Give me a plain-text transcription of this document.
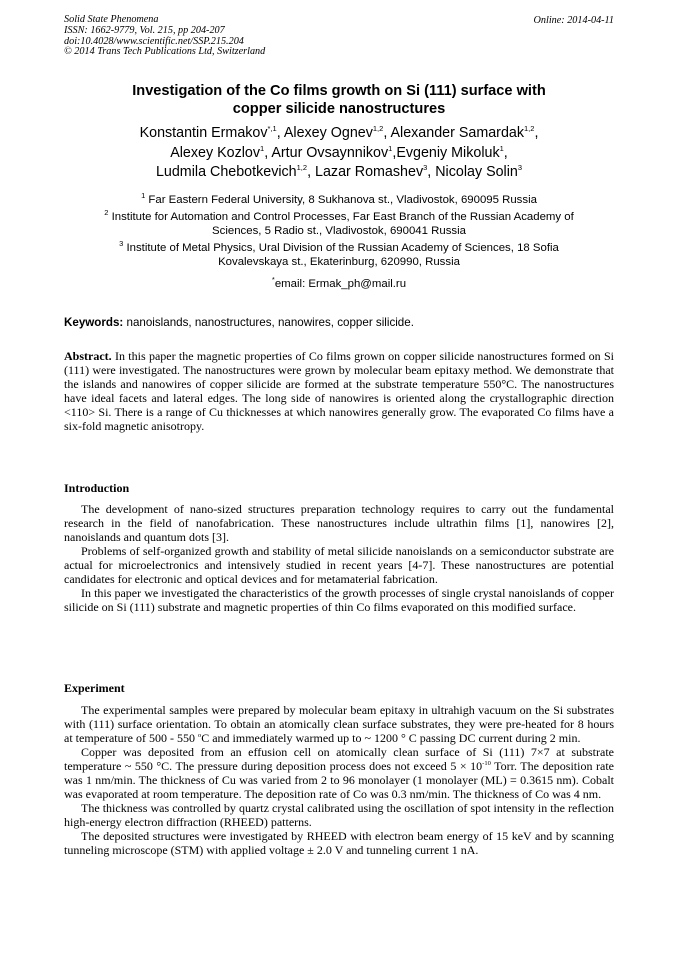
Solid State Phenomena
ISSN: 1662-9779, Vol. 215, pp 204-207
doi:10.4028/www.scientific.net/SSP.215.204
© 2014 Trans Tech Publications Ltd, Switzerland
Online: 2014-04-11
Investigation of the Co films growth on Si (111) surface with
copper silicide nanostructures
Konstantin Ermakov$^{*,1}$, Alexey Ognev$^{1,2}$, Alexander Samardak$^{1,2}$,
Alexey Kozlov$^1$, Artur Ovsaynnikov$^1$,Evgeniy Mikoluk$^1$,
Ludmila Chebotkevich$^{1,2}$, Lazar Romashev$^3$, Nicolay Solin$^3$

$^1$ Far Eastern Federal University, 8 Sukhanova st., Vladivostok, 690095 Russia

$^2$ Institute for Automation and Control Processes, Far East Branch of the Russian Academy of
Sciences, 5 Radio st., Vladivostok, 690041 Russia

$^3$ Institute of Metal Physics, Ural Division of the Russian Academy of Sciences, 18 Sofia
Kovalevskaya st., Ekaterinburg, 620990, Russia

*email: Ermak_ph@mail.ru
Keywords: nanoislands, nanostructures, nanowires, copper silicide.
Abstract. In this paper the magnetic properties of Co films grown on copper silicide nanostructures formed on Si (111) were investigated. The nanostructures were grown by molecular beam epitaxy method. We demonstrate that the islands and nanowires of copper silicide are formed at the substrate temperature 550°C. The nanostructures have ideal facets and lateral edges. The long side of nanowires is oriented along the crystallographic direction <110> Si. There is a range of Cu thicknesses at which nanowires generally grow. The evaporated Co films have a six-fold magnetic anisotropy.
Introduction

The development of nano-sized structures preparation technology requires to carry out the fundamental research in the field of nanofabrication. These nanostructures include ultrathin films [1], nanowires [2], nanoislands and quantum dots [3].

Problems of self-organized growth and stability of metal silicide nanoislands on a semiconductor substrate are actual for microelectronics and intensively studied in recent years [4-7]. These nanostructures are potential candidates for electronic and optical devices and for metamaterial fabrication.

In this paper we investigated the characteristics of the growth processes of single crystal nanoislands of copper silicide on Si (111) substrate and magnetic properties of thin Co films evaporated on this modified surface.

Experiment

The experimental samples were prepared by molecular beam epitaxy in ultrahigh vacuum on the Si substrates with (111) surface orientation. To obtain an atomically clean surface substrates, they were pre-heated for 8 hours at temperature of 500 - 550 $^o$C and immediately warmed up to ~ 1200 ° C passing DC current during 2 min.

Copper was deposited from an effusion cell on atomically clean surface of Si (111) 7×7 at substrate temperature ~ 550 °C. The pressure during deposition process does not exceed $5 \times 10^{-10}$ Torr. The deposition rate was 1 nm/min. The thickness of Cu was varied from 2 to 96 monolayer (1 monolayer (ML) = 0.3615 nm). Cobalt was evaporated at room temperature. The deposition rate of Co was 0.3 nm/min. The thickness of Co was 4 nm.

The thickness was controlled by quartz crystal calibrated using the oscillation of spot intensity in the reflection high-energy electron diffraction (RHEED) patterns.

The deposited structures were investigated by RHEED with electron beam energy of 15 keV and by scanning tunneling microscope (STM) with applied voltage ± 2.0 V and tunneling current 1 nA.
